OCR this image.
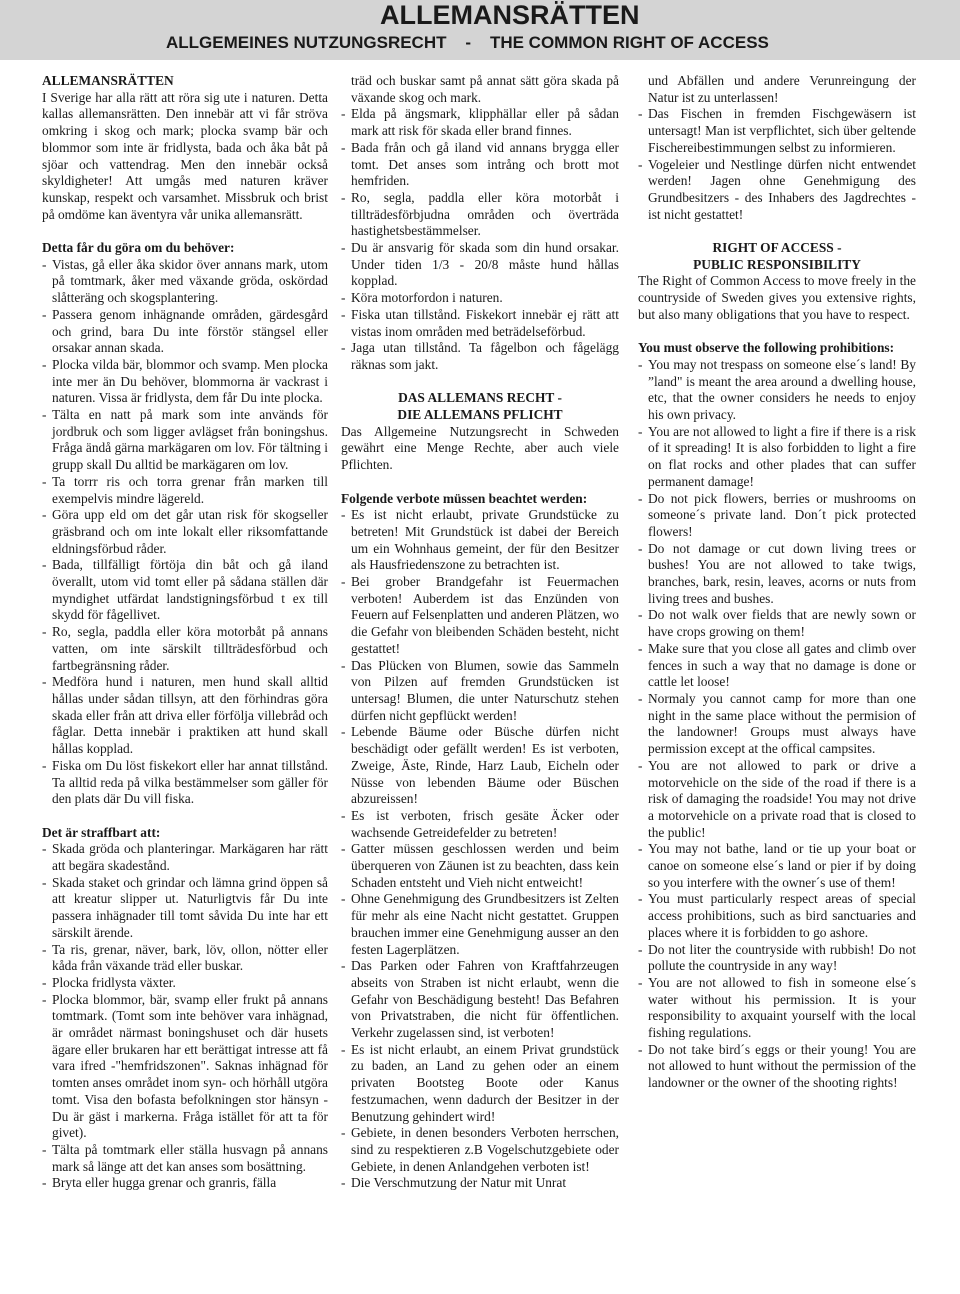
ALLEMANSRÄTTEN
ALLGEMEINES NUTZUNGSRECHT    -    THE COMMON RIGHT OF ACCESS

ALLEMANSRÄTTEN

I Sverige har alla rätt att röra sig ute i naturen. Detta kallas allemansrätten. Den innebär att vi får ströva omkring i skog och mark; plocka svamp bär och blommor som inte är fridlysta, bada och åka båt på sjöar och vattendrag. Men den innebär också skyldigheter! Att umgås med naturen kräver kunskap, respekt och varsamhet. Missbruk och brist på omdöme kan äventyra vår unika allemansrätt.

Detta får du göra om du behöver:

- Vistas, gå eller åka skidor över annans mark, utom på tomtmark, åker med växande gröda, oskördad slåtteräng och skogsplantering.
- Passera genom inhägnande områden, gärdesgård och grind, bara Du inte förstör stängsel eller orsakar annan skada.
- Plocka vilda bär, blommor och svamp. Men plocka inte mer än Du behöver, blommorna är vackrast i naturen. Vissa är fridlysta, dem får Du inte plocka.
- Tälta en natt på mark som inte används för jordbruk och som ligger avlägset från boningshus. Fråga ändå gärna markägaren om lov. För tältning i grupp skall Du alltid be markägaren om lov.
- Ta torrr ris och torra grenar från marken till exempelvis mindre lägereld.
- Göra upp eld om det går utan risk för skogseller gräsbrand och om inte lokalt eller riksomfattande eldningsförbud råder.
- Bada, tillfälligt förtöja din båt och gå iland överallt, utom vid tomt eller på sådana ställen där myndighet utfärdat landstigningsförbud t ex till skydd för fågellivet.
- Ro, segla, paddla eller köra motorbåt på annans vatten, om inte särskilt tillträdesförbud och fartbegränsning råder.
- Medföra hund i naturen, men hund skall alltid hållas under sådan tillsyn, att den förhindras göra skada eller från att driva eller förfölja villebråd och fåglar. Detta innebär i praktiken att hund skall hållas kopplad.
- Fiska om Du löst fiskekort eller har annat tillstånd. Ta alltid reda på vilka bestämmelser som gäller för den plats där Du vill fiska.

Det är straffbart att:

- Skada gröda och planteringar. Markägaren har rätt att begära skadestånd.
- Skada staket och grindar och lämna grind öppen så att kreatur slipper ut. Naturligtvis får Du inte passera inhägnader till tomt såvida Du inte har ett särskilt ärende.
- Ta ris, grenar, näver, bark, löv, ollon, nötter eller kåda från växande träd eller buskar.
- Plocka fridlysta växter.
- Plocka blommor, bär, svamp eller frukt på annans tomtmark. (Tomt som inte behöver vara inhägnad, är området närmast boningshuset och där husets ägare eller brukaren har ett berättigat intresse att få vara ifred -"hemfridszonen". Saknas inhägnad för tomten anses området inom syn- och hörhåll utgöra tomt. Visa den bofasta befolkningen stor hänsyn - Du är gäst i markerna. Fråga istället för att ta för givet).
- Tälta på tomtmark eller ställa husvagn på annans mark så länge att det kan anses som bosättning.
- Bryta eller hugga grenar och granris, fälla
träd och buskar samt på annat sätt göra skada på växande skog och mark.
- Elda på ängsmark, klipphällar eller på sådan mark att risk för skada eller brand finnes.
- Bada från och gå iland vid annans brygga eller tomt. Det anses som intrång och brott mot hemfriden.
- Ro, segla, paddla eller köra motorbåt i tillträdesförbjudna områden och överträda hastighetsbestämmelser.
- Du är ansvarig för skada som din hund orsakar. Under tiden 1/3 - 20/8 måste hund hållas kopplad.
- Köra motorfordon i naturen.
- Fiska utan tillstånd. Fiskekort innebär ej rätt att vistas inom områden med beträdelseförbud.
- Jaga utan tillstånd. Ta fågelbon och fågelägg räknas som jakt.

DAS ALLEMANS RECHT -

DIE ALLEMANS PFLICHT

Das Allgemeine Nutzungsrecht in Schweden gewährt eine Menge Rechte, aber auch viele Pflichten.

Folgende verbote müssen beachtet werden:

- Es ist nicht erlaubt, private Grundstücke zu betreten! Mit Grundstück ist dabei der Bereich um ein Wohnhaus gemeint, der für den Besitzer als Hausfriedenszone zu betrachten ist.
- Bei grober Brandgefahr ist Feuermachen verboten! Auberdem ist das Enzünden von Feuern auf Felsenplatten und anderen Plätzen, wo die Gefahr von bleibenden Schäden besteht, nicht gestattet!
- Das Plücken von Blumen, sowie das Sammeln von Pilzen auf fremden Grundstücken ist untersag! Blumen, die unter Naturschutz stehen dürfen nicht gepflückt werden!
- Lebende Bäume oder Büsche dürfen nicht beschädigt oder gefällt werden! Es ist verboten, Zweige, Äste, Rinde, Harz Laub, Eicheln oder Nüsse von lebenden Bäume oder Büschen abzureissen!
- Es ist verboten, frisch gesäte Äcker oder wachsende Getreidefelder zu betreten!
- Gatter müssen geschlossen werden und beim überqueren von Zäunen ist zu beachten, dass kein Schaden entsteht und Vieh nicht entweicht!
- Ohne Genehmigung des Grundbesitzers ist Zelten für mehr als eine Nacht nicht gestattet. Gruppen brauchen immer eine Genehmigung ausser an den festen Lagerplätzen.
- Das Parken oder Fahren von Kraftfahrzeugen abseits von Straben ist nicht erlaubt, wenn die Gefahr von Beschädigung besteht! Das Befahren von Privatstraben, die nicht für öffentlichen. Verkehr zugelassen sind, ist verboten!
- Es ist nicht erlaubt, an einem Privat grundstück zu baden, an Land zu gehen oder an einem privaten Bootsteg Boote oder Kanus festzumachen, wenn dadurch der Besitzer in der Benutzung gehindert wird!
- Gebiete, in denen besonders Verboten herrschen, sind zu respektieren z.B Vogelschutzgebiete oder Gebiete, in denen Anlandgehen verboten ist!
- Die Verschmutzung der Natur mit Unrat
und Abfällen und andere Verunreingung der Natur ist zu unterlassen!
- Das Fischen in fremden Fischgewäsern ist untersagt! Man ist verpflichtet, sich über geltende Fischereibestimmungen selbst zu informieren.
- Vogeleier und Nestlinge dürfen nicht entwendet werden! Jagen ohne Genehmigung des Grundbesitzers - des Inhabers des Jagdrechtes - ist nicht gestattet!

RIGHT OF ACCESS -

PUBLIC RESPONSIBILITY

The Right of Common Access to move freely in the countryside of Sweden gives you extensive rights, but also many obligations that you have to respect.

You must observe the following prohibitions:

- You may not trespass on someone else´s land! By ”land" is meant the area around a dwelling house, etc, that the owner considers he needs to enjoy his own privacy.
- You are not allowed to light a fire if there is a risk of it spreading! It is also forbidden to light a fire on flat rocks and other plades that can suffer permanent damage!
- Do not pick flowers, berries or mushrooms on someone´s private land. Don´t pick protected flowers!
- Do not damage or cut down living trees or bushes! You are not allowed to take twigs, branches, bark, resin, leaves, acorns or nuts from living trees and bushes.
- Do not walk over fields that are newly sown or have crops growing on them!
- Make sure that you close all gates and climb over fences in such a way that no damage is done or cattle let loose!
- Normaly you cannot camp for more than one night in the same place without the permision of the landowner! Groups must always have permission except at the offical campsites.
- You are not allowed to park or drive a motorvehicle on the side of the road if there is a risk of damaging the roadside! You may not drive a motorvehicle on a private road that is closed to the public!
- You may not bathe, land or tie up your boat or canoe on someone else´s land or pier if by doing so you interfere with the owner´s use of them!
- You must particularly respect areas of special access prohibitions, such as bird sanctuaries and places where it is forbidden to go ashore.
- Do not liter the countryside with rubbish! Do not pollute the countryside in any way!
- You are not allowed to fish in someone else´s water without his permission. It is your responsibility to axquaint yourself with the local fishing regulations.
- Do not take bird´s eggs or their young! You are not allowed to hunt without the permission of the landowner or the owner of the shooting rights!
